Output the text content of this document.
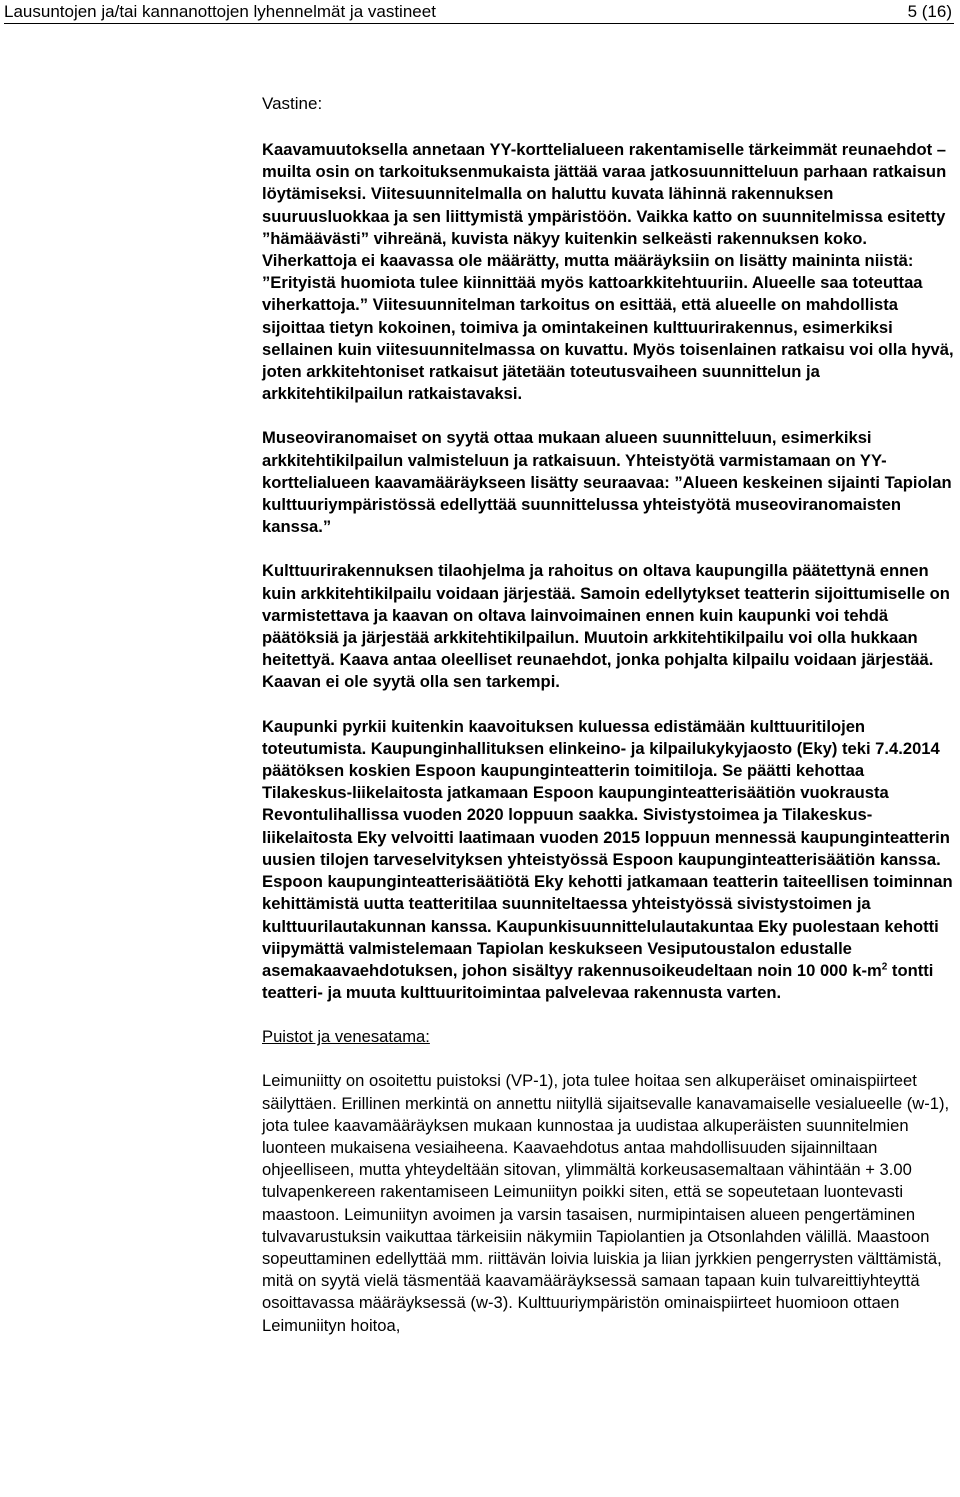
Lausuntojen ja/tai kannanottojen lyhennelmät ja vastineet	5 (16)

Vastine:

Kaavamuutoksella annetaan YY-korttelialueen rakentamiselle tärkeimmät reunaehdot – muilta osin on tarkoituksenmukaista jättää varaa jatkosuunnitteluun parhaan ratkaisun löytämiseksi. Viitesuunnitelmalla on haluttu kuvata lähinnä rakennuksen suuruusluokkaa ja sen liittymistä ympäristöön. Vaikka katto on suunnitelmissa esitetty ”hämäävästi” vihreänä, kuvista näkyy kuitenkin selkeästi rakennuksen koko. Viherkattoja ei kaavassa ole määrätty, mutta määräyksiin on lisätty maininta niistä: ”Erityistä huomiota tulee kiinnittää myös kattoarkkitehtuuriin. Alueelle saa toteuttaa viherkattoja.” Viitesuunnitelman tarkoitus on esittää, että alueelle on mahdollista sijoittaa tietyn kokoinen, toimiva ja omintakeinen kulttuurirakennus, esimerkiksi sellainen kuin viitesuunnitelmassa on kuvattu. Myös toisenlainen ratkaisu voi olla hyvä, joten arkkitehtoniset ratkaisut jätetään toteutusvaiheen suunnittelun ja arkkitehtikilpailun ratkaistavaksi.

Museoviranomaiset on syytä ottaa mukaan alueen suunnitteluun, esimerkiksi arkkitehtikilpailun valmisteluun ja ratkaisuun. Yhteistyötä varmistamaan on YY-korttelialueen kaavamääräykseen lisätty seuraavaa: ”Alueen keskeinen sijainti Tapiolan kulttuuriympäristössä edellyttää suunnittelussa yhteistyötä museoviranomaisten kanssa.”

Kulttuurirakennuksen tilaohjelma ja rahoitus on oltava kaupungilla päätettynä ennen kuin arkkitehtikilpailu voidaan järjestää. Samoin edellytykset teatterin sijoittumiselle on varmistettava ja kaavan on oltava lainvoimainen ennen kuin kaupunki voi tehdä päätöksiä ja järjestää arkkitehtikilpailun. Muutoin arkkitehtikilpailu voi olla hukkaan heitettyä. Kaava antaa oleelliset reunaehdot, jonka pohjalta kilpailu voidaan järjestää. Kaavan ei ole syytä olla sen tarkempi.

Kaupunki pyrkii kuitenkin kaavoituksen kuluessa edistämään kulttuuritilojen toteutumista. Kaupunginhallituksen elinkeino- ja kilpailukykyjaosto (Eky) teki 7.4.2014 päätöksen koskien Espoon kaupunginteatterin toimitiloja. Se päätti kehottaa Tilakeskus-liikelaitosta jatkamaan Espoon kaupunginteatterisäätiön vuokrausta Revontulihallissa vuoden 2020 loppuun saakka. Sivistystoimea ja Tilakeskus-liikelaitosta Eky velvoitti laatimaan vuoden 2015 loppuun mennessä kaupunginteatterin uusien tilojen tarveselvityksen yhteistyössä Espoon kaupunginteatterisäätiön kanssa. Espoon kaupunginteatterisäätiötä Eky kehotti jatkamaan teatterin taiteellisen toiminnan kehittämistä uutta teatteritilaa suunniteltaessa yhteistyössä sivistystoimen ja kulttuurilautakunnan kanssa. Kaupunkisuunnittelulautakuntaa Eky puolestaan kehotti viipymättä valmistelemaan Tapiolan keskukseen Vesiputoustalon edustalle asemakaavaehdotuksen, johon sisältyy rakennusoikeudeltaan noin 10 000 $k-m^2$ tontti teatteri- ja muuta kulttuuritoimintaa palvelevaa rakennusta varten.

Puistot ja venesatama:

Leimuniitty on osoitettu puistoksi (VP-1), jota tulee hoitaa sen alkuperäiset ominaispiirteet säilyttäen. Erillinen merkintä on annettu niityllä sijaitsevalle kanavamaiselle vesialueelle (w-1), jota tulee kaavamääräyksen mukaan kunnostaa ja uudistaa alkuperäisten suunnitelmien luonteen mukaisena vesiaiheena. Kaavaehdotus antaa mahdollisuuden sijainniltaan ohjeelliseen, mutta yhteydeltään sitovan, ylimmältä korkeusasemaltaan vähintään + 3.00 tulvapenkereen rakentamiseen Leimuniityn poikki siten, että se sopeutetaan luontevasti maastoon. Leimuniityn avoimen ja varsin tasaisen, nurmipintaisen alueen pengertäminen tulvavarustuksin vaikuttaa tärkeisiin näkymiin Tapiolantien ja Otsonlahden välillä. Maastoon sopeuttaminen edellyttää mm. riittävän loivia luiskia ja liian jyrkkien pengerrysten välttämistä, mitä on syytä vielä täsmentää kaavamääräyksessä samaan tapaan kuin tulvareittiyhteyttä osoittavassa määräyksessä (w-3). Kulttuuriympäristön ominaispiirteet huomioon ottaen Leimuniityn hoitoa,
